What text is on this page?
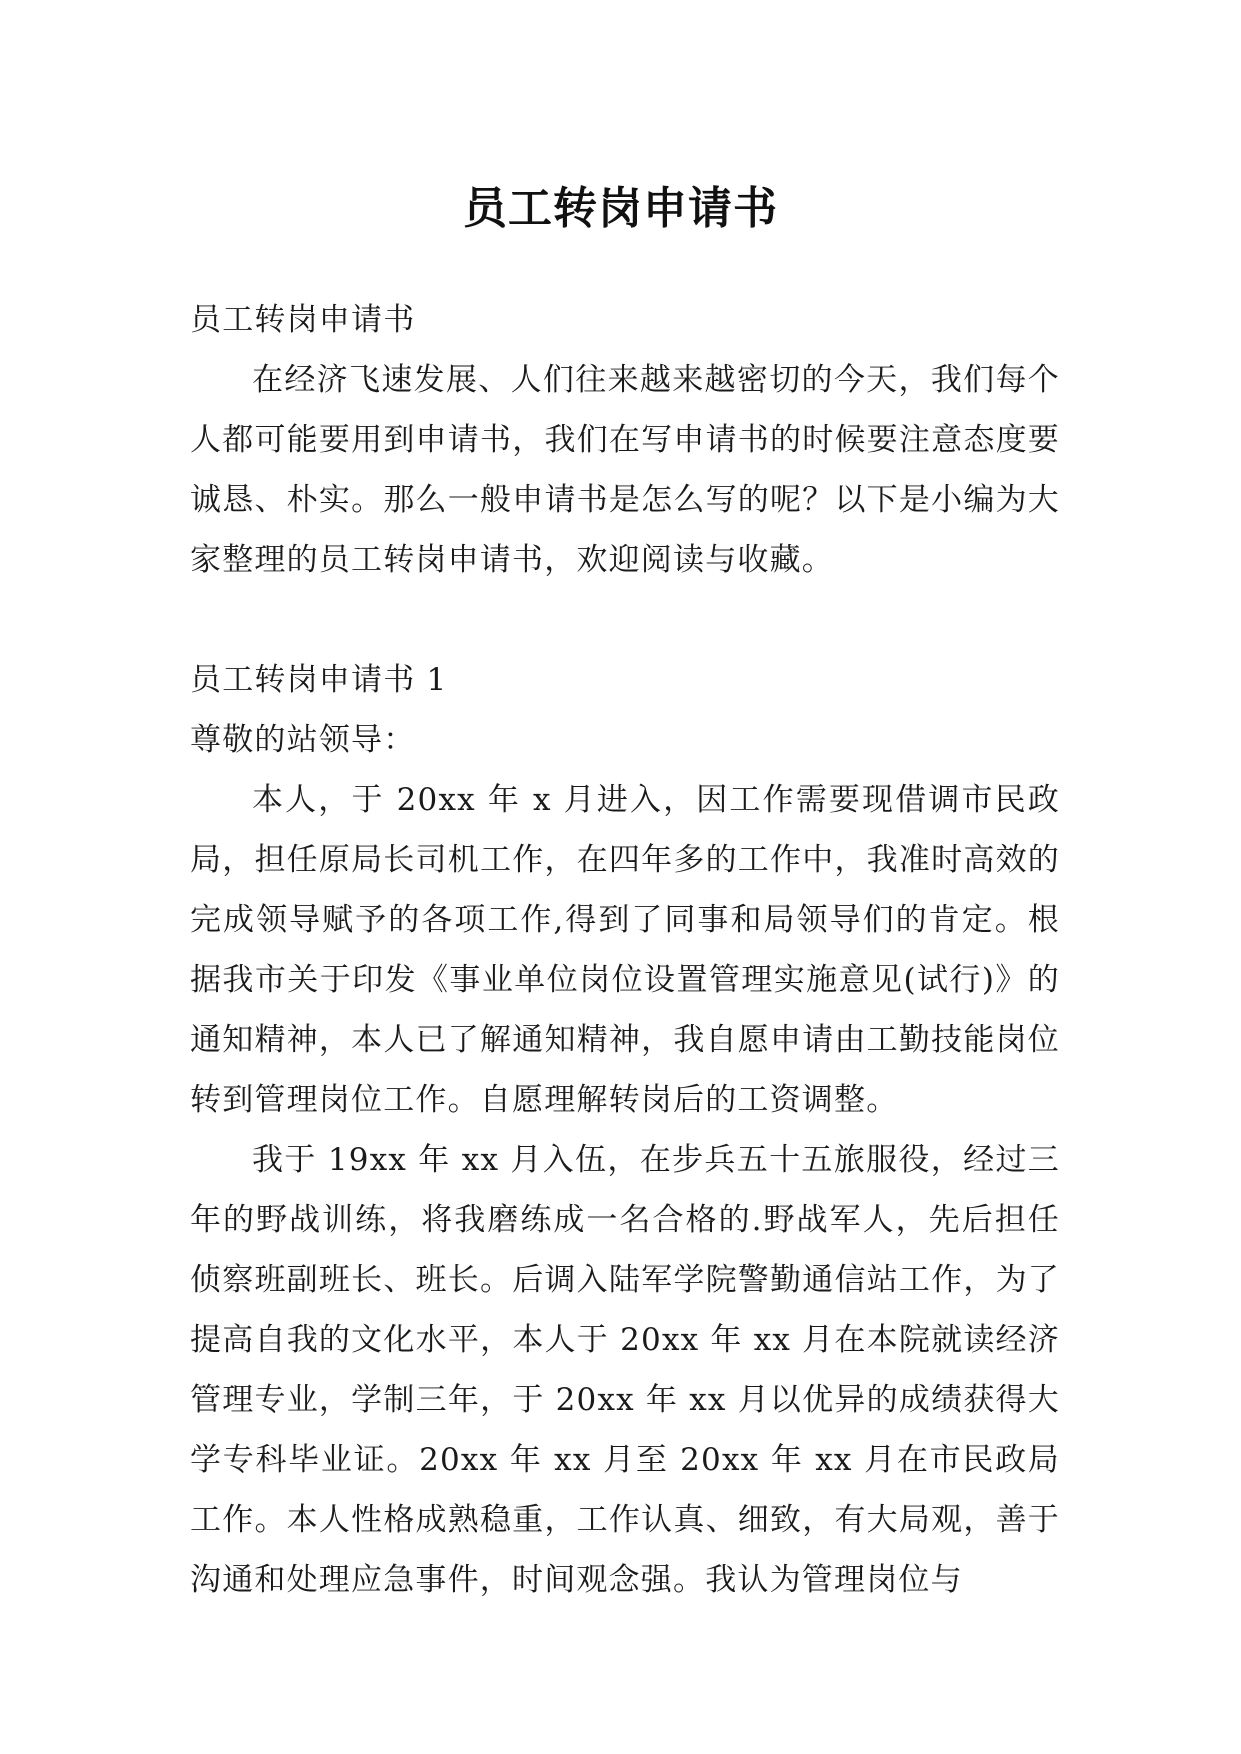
员工转岗申请书

员工转岗申请书

在经济飞速发展、人们往来越来越密切的今天，我们每个人都可能要用到申请书，我们在写申请书的时候要注意态度要诚恳、朴实。那么一般申请书是怎么写的呢？以下是小编为大家整理的员工转岗申请书，欢迎阅读与收藏。

员工转岗申请书 1

尊敬的站领导：

本人，于 20xx 年 x 月进入，因工作需要现借调市民政局，担任原局长司机工作，在四年多的工作中，我准时高效的完成领导赋予的各项工作,得到了同事和局领导们的肯定。根据我市关于印发《事业单位岗位设置管理实施意见(试行)》的通知精神，本人已了解通知精神，我自愿申请由工勤技能岗位转到管理岗位工作。自愿理解转岗后的工资调整。

我于 19xx 年 xx 月入伍，在步兵五十五旅服役，经过三年的野战训练，将我磨练成一名合格的.野战军人，先后担任侦察班副班长、班长。后调入陆军学院警勤通信站工作，为了提高自我的文化水平，本人于 20xx 年 xx 月在本院就读经济管理专业，学制三年，于 20xx 年 xx 月以优异的成绩获得大学专科毕业证。20xx 年 xx 月至 20xx 年 xx 月在市民政局工作。本人性格成熟稳重，工作认真、细致，有大局观，善于沟通和处理应急事件，时间观念强。我认为管理岗位与
